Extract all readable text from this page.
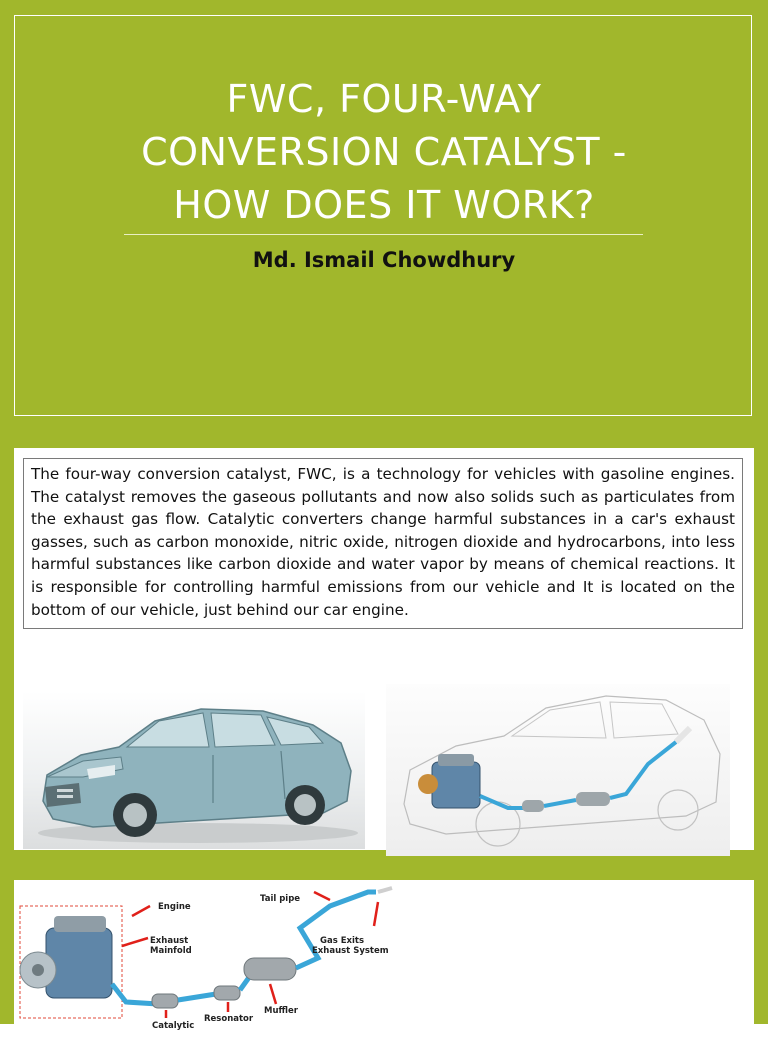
FWC, FOUR-WAY
CONVERSION CATALYST -
HOW DOES IT WORK?
Md. Ismail Chowdhury
The four-way conversion catalyst, FWC, is a technology for vehicles with gasoline engines. The catalyst removes the gaseous pollutants and now also solids such as particulates from the exhaust gas flow. Catalytic converters change harmful substances in a car's exhaust gasses, such as carbon monoxide, nitric oxide, nitrogen dioxide and hydrocarbons, into less harmful substances like carbon dioxide and water vapor by means of chemical reactions. It is responsible for controlling harmful emissions from our vehicle and It is located on the bottom of our vehicle, just behind our car engine.
Engine
Exhaust
Mainfold
Tail pipe
Gas Exits
Exhaust System
Muffler
Resonator
Catalytic
